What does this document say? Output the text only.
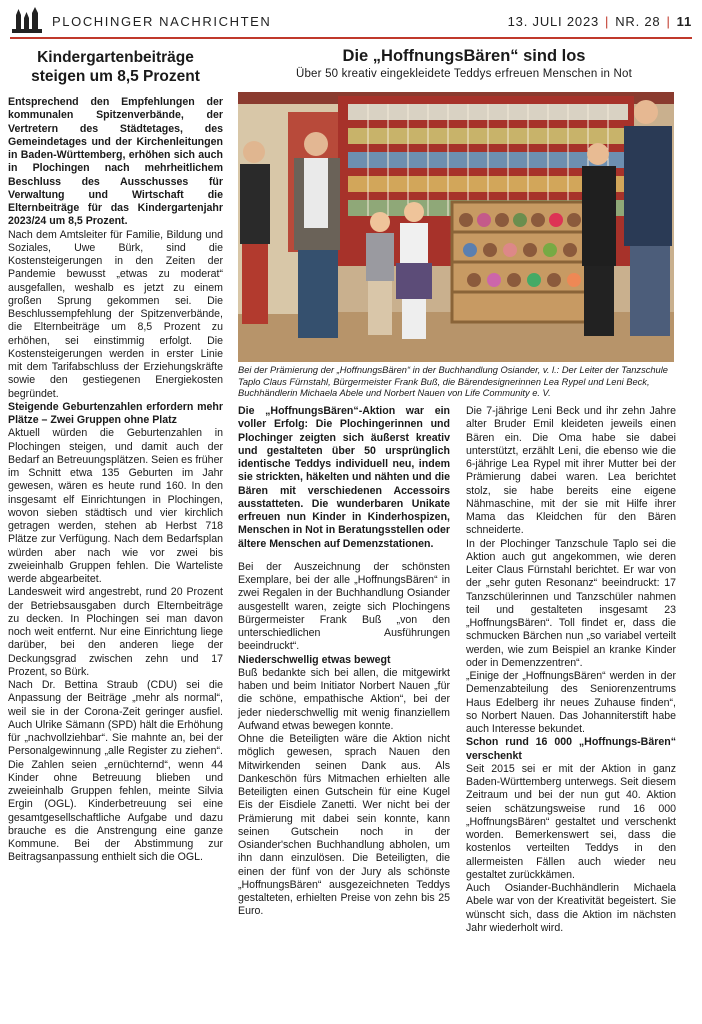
PLOCHINGER NACHRICHTEN	13. JULI 2023 | NR. 28 | 11
Kindergartenbeiträge steigen um 8,5 Prozent

Entsprechend den Empfehlungen der kommunalen Spitzenverbände, der Vertretern des Städtetages, des Gemeindetages und der Kirchenleitungen in Baden-Württemberg, erhöhen sich auch in Plochingen nach mehrheitlichem Beschluss des Ausschusses für Verwaltung und Wirtschaft die Elternbeiträge für das Kindergartenjahr 2023/24 um 8,5 Prozent.

Nach dem Amtsleiter für Familie, Bildung und Soziales, Uwe Bürk, sind die Kostensteigerungen in den Zeiten der Pandemie bewusst „etwas zu moderat“ ausgefallen, weshalb es jetzt zu einem großen Sprung gekommen sei. Die Beschlussempfehlung der Spitzenverbände, die Elternbeiträge um 8,5 Prozent zu erhöhen, sei einstimmig erfolgt. Die Kostensteigerungen werden in erster Linie mit dem Tarifabschluss der Erziehungskräfte sowie den gestiegenen Energiekosten begründet.

Steigende Geburtenzahlen erfordern mehr Plätze – Zwei Gruppen ohne Platz

Aktuell würden die Geburtenzahlen in Plochingen steigen, und damit auch der Bedarf an Betreuungsplätzen. Seien es früher im Schnitt etwa 135 Geburten im Jahr gewesen, wären es heute rund 160. In den insgesamt elf Einrichtungen in Plochingen, wovon sieben städtisch und vier kirchlich getragen werden, stehen ab Herbst 718 Plätze zur Verfügung. Nach dem Bedarfsplan würden aber nach wie vor zwei bis zweieinhalb Gruppen fehlen. Die Warteliste werde abgearbeitet.

Landesweit wird angestrebt, rund 20 Prozent der Betriebsausgaben durch Elternbeiträge zu decken. In Plochingen sei man davon noch weit entfernt. Nur eine Einrichtung liege darüber, bei den anderen liege der Deckungsgrad zwischen zehn und 17 Prozent, so Bürk.

Nach Dr. Bettina Straub (CDU) sei die Anpassung der Beiträge „mehr als normal“, weil sie in der Corona-Zeit geringer ausfiel. Auch Ulrike Sämann (SPD) hält die Erhöhung für „nachvollziehbar“. Sie mahnte an, bei der Personalgewinnung „alle Register zu ziehen“. Die Zahlen seien „ernüchternd“, wenn 44 Kinder ohne Betreuung blieben und zweieinhalb Gruppen fehlen, meinte Silvia Ergin (OGL). Kinderbetreuung sei eine gesamtgesellschaftliche Aufgabe und dazu brauche es die Anstrengung eine ganze Kommune. Bei der Abstimmung zur Beitragsanpassung enthielt sich die OGL.

Die „HoffnungsBären“ sind los
Über 50 kreativ eingekleidete Teddys erfreuen Menschen in Not

Bei der Prämierung der „HoffnungsBären“ in der Buchhandlung Osiander, v. l.: Der Leiter der Tanzschule Taplo Claus Fürnstahl, Bürgermeister Frank Buß, die Bärendesignerinnen Lea Rypel und Leni Beck, Buchhändlerin Michaela Abele und Norbert Nauen von Life Community e. V.

Die „HoffnungsBären“-Aktion war ein voller Erfolg: Die Plochingerinnen und Plochinger zeigten sich äußerst kreativ und gestalteten über 50 ursprünglich identische Teddys individuell neu, indem sie strickten, häkelten und nähten und die Bären mit verschiedenen Accessoirs ausstatteten. Die wunderbaren Unikate erfreuen nun Kinder in Kinderhospizen, Menschen in Not in Beratungsstellen oder ältere Menschen auf Demenzstationen.

Bei der Auszeichnung der schönsten Exemplare, bei der alle „HoffnungsBären“ in zwei Regalen in der Buchhandlung Osiander ausgestellt waren, zeigte sich Plochingens Bürgermeister Frank Buß „von den unterschiedlichen Ausführungen beeindruckt“.

Niederschwellig etwas bewegt

Buß bedankte sich bei allen, die mitgewirkt haben und beim Initiator Norbert Nauen „für die schöne, empathische Aktion“, bei der jeder niederschwellig mit wenig finanziellem Aufwand etwas bewegen konnte.

Ohne die Beteiligten wäre die Aktion nicht möglich gewesen, sprach Nauen den Mitwirkenden seinen Dank aus. Als Dankeschön fürs Mitmachen erhielten alle Beteiligten einen Gutschein für eine Kugel Eis der Eisdiele Zanetti. Wer nicht bei der Prämierung mit dabei sein konnte, kann seinen Gutschein noch in der Osiander'schen Buchhandlung abholen, um ihn dann einzulösen. Die Beteiligten, die einen der fünf von der Jury als schönste „HoffnungsBären“ ausgezeichneten Teddys gestalteten, erhielten Preise von zehn bis 25 Euro.

Die 7-jährige Leni Beck und ihr zehn Jahre alter Bruder Emil kleideten jeweils einen Bären ein. Die Oma habe sie dabei unterstützt, erzählt Leni, die ebenso wie die 6-jährige Lea Rypel mit ihrer Mutter bei der Prämierung dabei waren. Lea berichtet stolz, sie habe bereits eine eigene Nähmaschine, mit der sie mit Hilfe ihrer Mama das Kleidchen für den Bären schneiderte.

In der Plochinger Tanzschule Taplo sei die Aktion auch gut angekommen, wie deren Leiter Claus Fürnstahl berichtet. Er war von der „sehr guten Resonanz“ beeindruckt: 17 Tanzschülerinnen und Tanzschüler nahmen teil und gestalteten insgesamt 23 „HoffnungsBären“. Toll findet er, dass die schmucken Bärchen nun „so variabel verteilt werden, wie zum Beispiel an kranke Kinder oder in Demenzzentren“.

„Einige der „HoffnungsBären“ werden in der Demenzabteilung des Seniorenzentrums Haus Edelberg ihr neues Zuhause finden“, so Norbert Nauen. Das Johanniterstift habe auch Interesse bekundet.

Schon rund 16 000 „Hoffnungs-Bären“ verschenkt

Seit 2015 sei er mit der Aktion in ganz Baden-Württemberg unterwegs. Seit diesem Zeitraum und bei der nun gut 40. Aktion seien schätzungsweise rund 16 000 „HoffnungsBären“ gestaltet und verschenkt worden. Bemerkenswert sei, dass die kostenlos verteilten Teddys in den allermeisten Fällen auch wieder neu gestaltet zurückkämen.

Auch Osiander-Buchhändlerin Michaela Abele war von der Kreativität begeistert. Sie wünscht sich, dass die Aktion im nächsten Jahr wiederholt wird.
